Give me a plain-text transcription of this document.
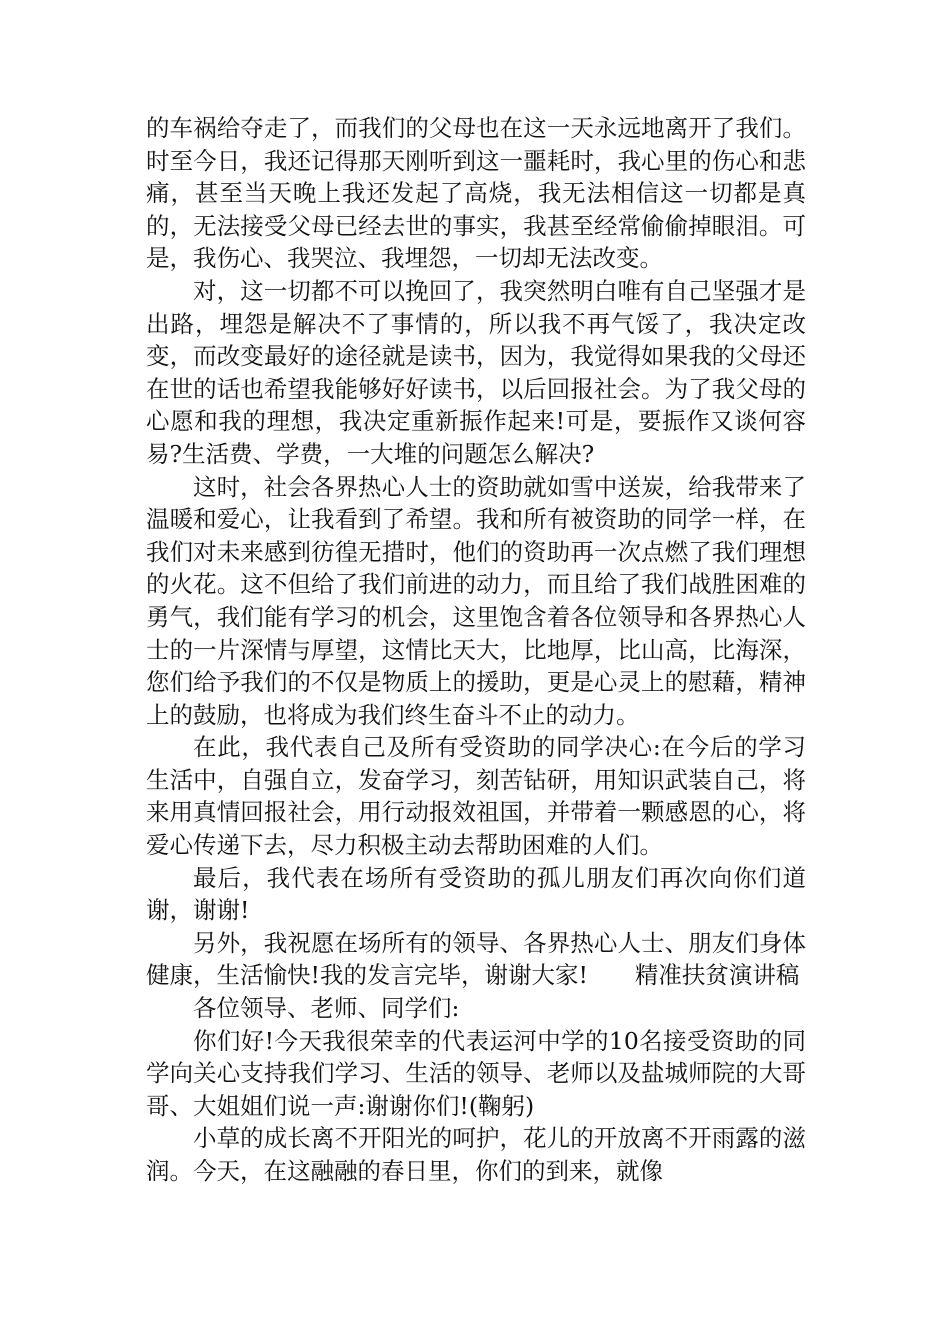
的车祸给夺走了，而我们的父母也在这一天永远地离开了我们。时至今日，我还记得那天刚听到这一噩耗时，我心里的伤心和悲痛，甚至当天晚上我还发起了高烧，我无法相信这一切都是真的，无法接受父母已经去世的事实，我甚至经常偷偷掉眼泪。可是，我伤心、我哭泣、我埋怨，一切却无法改变。

对，这一切都不可以挽回了，我突然明白唯有自己坚强才是出路，埋怨是解决不了事情的，所以我不再气馁了，我决定改变，而改变最好的途径就是读书，因为，我觉得如果我的父母还在世的话也希望我能够好好读书，以后回报社会。为了我父母的心愿和我的理想，我决定重新振作起来!可是，要振作又谈何容易?生活费、学费，一大堆的问题怎么解决?

这时，社会各界热心人士的资助就如雪中送炭，给我带来了温暖和爱心，让我看到了希望。我和所有被资助的同学一样，在我们对未来感到彷徨无措时，他们的资助再一次点燃了我们理想的火花。这不但给了我们前进的动力，而且给了我们战胜困难的勇气，我们能有学习的机会，这里饱含着各位领导和各界热心人士的一片深情与厚望，这情比天大，比地厚，比山高，比海深，您们给予我们的不仅是物质上的援助，更是心灵上的慰藉，精神上的鼓励，也将成为我们终生奋斗不止的动力。

在此，我代表自己及所有受资助的同学决心:在今后的学习生活中，自强自立，发奋学习，刻苦钻研，用知识武装自己，将来用真情回报社会，用行动报效祖国，并带着一颗感恩的心，将爱心传递下去，尽力积极主动去帮助困难的人们。

最后，我代表在场所有受资助的孤儿朋友们再次向你们道谢，谢谢!

另外，我祝愿在场所有的领导、各界热心人士、朋友们身体健康，生活愉快!我的发言完毕，谢谢大家!　　精准扶贫演讲稿

各位领导、老师、同学们:

你们好!今天我很荣幸的代表运河中学的10名接受资助的同学向关心支持我们学习、生活的领导、老师以及盐城师院的大哥哥、大姐姐们说一声:谢谢你们!(鞠躬)

小草的成长离不开阳光的呵护，花儿的开放离不开雨露的滋润。今天，在这融融的春日里，你们的到来，就像
